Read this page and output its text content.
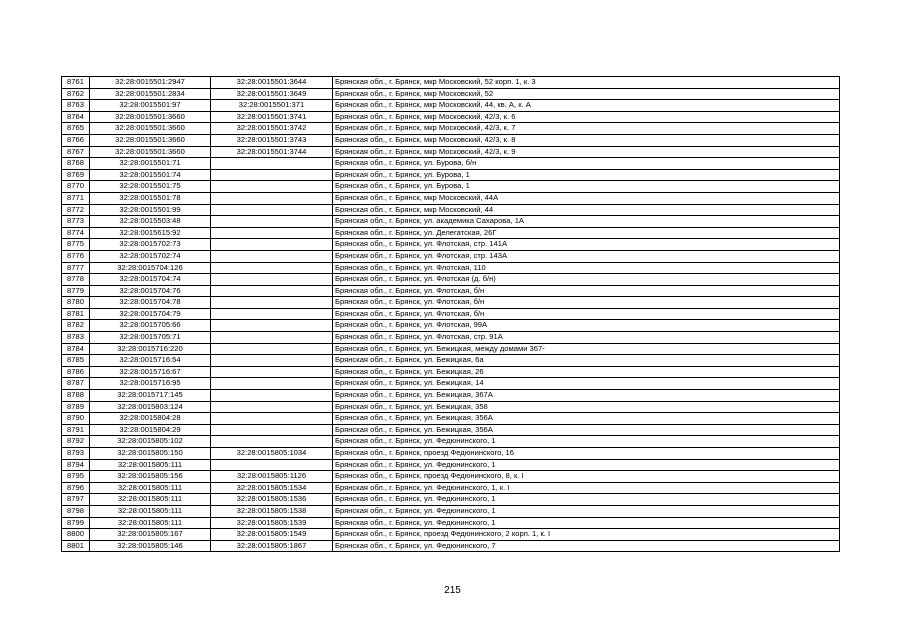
8761	32:28:0015501:2947	32:28:0015501:3644	Брянская обл., г. Брянск, мкр Московский, 52 корп. 1, к. 3
8762	32:28:0015501:2834	32:28:0015501:3649	Брянская обл., г. Брянск, мкр Московский, 52
8763	32:28:0015501:97	32:28:0015501:371	Брянская обл., г. Брянск, мкр Московский, 44, кв. А, к. А
8764	32:28:0015501:3660	32:28:0015501:3741	Брянская обл., г. Брянск, мкр Московский, 42/3, к. 6
8765	32:28:0015501:3660	32:28:0015501:3742	Брянская обл., г. Брянск, мкр Московский, 42/3, к. 7
8766	32:28:0015501:3660	32:28:0015501:3743	Брянская обл., г. Брянск, мкр Московский, 42/3, к. 8
8767	32:28:0015501:3660	32:28:0015501:3744	Брянская обл., г. Брянск, мкр Московский, 42/3, к. 9
8768	32:28:0015501:71		Брянская обл., г. Брянск, ул. Бурова, б/н
8769	32:28:0015501:74		Брянская обл., г. Брянск, ул. Бурова, 1
8770	32:28:0015501:75		Брянская обл., г. Брянск, ул. Бурова, 1
8771	32:28:0015501:78		Брянская обл., г. Брянск, мкр Московский, 44А
8772	32:28:0015501:99		Брянская обл., г. Брянск, мкр Московский, 44
8773	32:28:0015503:48		Брянская обл., г. Брянск, ул. академика Сахарова, 1А
8774	32:28:0015615:92		Брянская обл., г. Брянск, ул. Делегатская, 26Г
8775	32:28:0015702:73		Брянская обл., г. Брянск, ул. Флотская, стр. 141А
8776	32:28:0015702:74		Брянская обл., г. Брянск, ул. Флотская, стр. 143А
8777	32:28:0015704:126		Брянская обл., г. Брянск, ул. Флотская, 110
8778	32:28:0015704:74		Брянская обл., г. Брянск, ул. Флотская (д. б/н)
8779	32:28:0015704:76		Брянская обл., г. Брянск, ул. Флотская, б/н
8780	32:28:0015704:78		Брянская обл., г. Брянск, ул. Флотская, б/н
8781	32:28:0015704:79		Брянская обл., г. Брянск, ул. Флотская, б/н
8782	32:28:0015705:66		Брянская обл., г. Брянск, ул. Флотская, 99А
8783	32:28:0015705:71		Брянская обл., г. Брянск, ул. Флотская, стр. 91А
8784	32:28:0015716:220		Брянская обл., г. Брянск, ул. Бежицкая, между домами 367-
8785	32:28:0015716:54		Брянская обл., г. Брянск, ул. Бежицкая, 6а
8786	32:28:0015716:67		Брянская обл., г. Брянск, ул. Бежицкая, 26
8787	32:28:0015716:95		Брянская обл., г. Брянск, ул. Бежицкая, 14
8788	32:28:0015717:145		Брянская обл., г. Брянск, ул. Бежицкая, 367А
8789	32:28:0015803:124		Брянская обл., г. Брянск, ул. Бежицкая, 358
8790	32:28:0015804:28		Брянская обл., г. Брянск, ул. Бежицкая, 356А
8791	32:28:0015804:29		Брянская обл., г. Брянск, ул. Бежицкая, 356А
8792	32:28:0015805:102		Брянская обл., г. Брянск, ул. Федюнинского, 1
8793	32:28:0015805:150	32:28:0015805:1034	Брянская обл., г. Брянск, проезд Федюнинского, 16
8794	32:28:0015805:111		Брянская обл., г. Брянск, ул. Федюнинского, 1
8795	32:28:0015805:156	32:28:0015805:1126	Брянская обл., г. Брянск, проезд Федюнинского, 8, к. I
8796	32:28:0015805:111	32:28:0015805:1534	Брянская обл., г. Брянск, ул. Федюнинского, 1, к. I
8797	32:28:0015805:111	32:28:0015805:1536	Брянская обл., г. Брянск, ул. Федюнинского, 1
8798	32:28:0015805:111	32:28:0015805:1538	Брянская обл., г. Брянск, ул. Федюнинского, 1
8799	32:28:0015805:111	32:28:0015805:1539	Брянская обл., г. Брянск, ул. Федюнинского, 1
8800	32:28:0015805:167	32:28:0015805:1549	Брянская обл., г. Брянск, проезд Федюнинского, 2 корп. 1, к. I
8801	32:28:0015805:146	32:28:0015805:1867	Брянская обл., г. Брянск, ул. Федюнинского, 7
215
